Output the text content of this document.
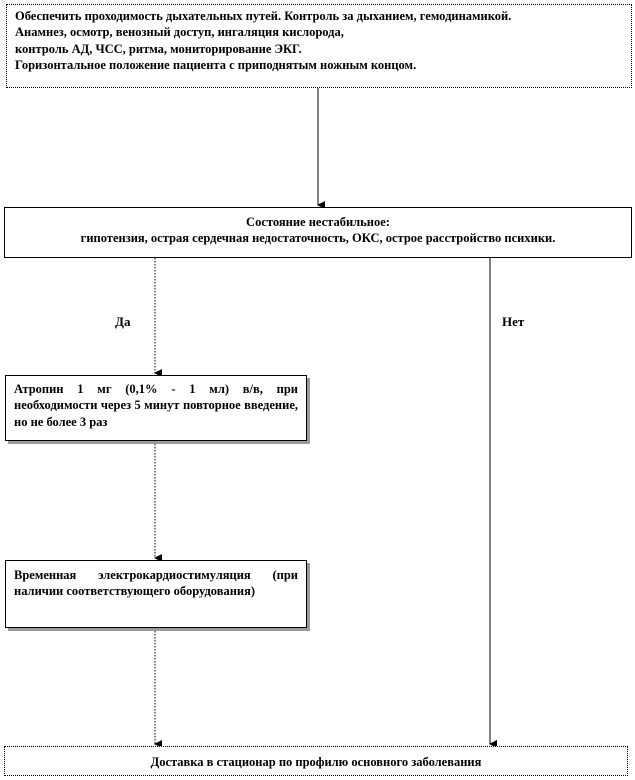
Обеспечить проходимость дыхательных путей. Контроль за дыханием, гемодинамикой.
Анамнез, осмотр, венозный доступ, ингаляция кислорода,
контроль АД, ЧСС, ритма, мониторирование ЭКГ.
Горизонтальное положение пациента с приподнятым ножным концом.
Состояние нестабильное:
гипотензия, острая сердечная недостаточность, ОКС, острое расстройство психики.
Да	Нет
Атропин 1 мг (0,1% - 1 мл) в/в, при необходимости через 5 минут повторное введение, но не более 3 раз
Временная электрокардиостимуляция (при наличии соответствующего оборудования)
Доставка в стационар по профилю основного заболевания
